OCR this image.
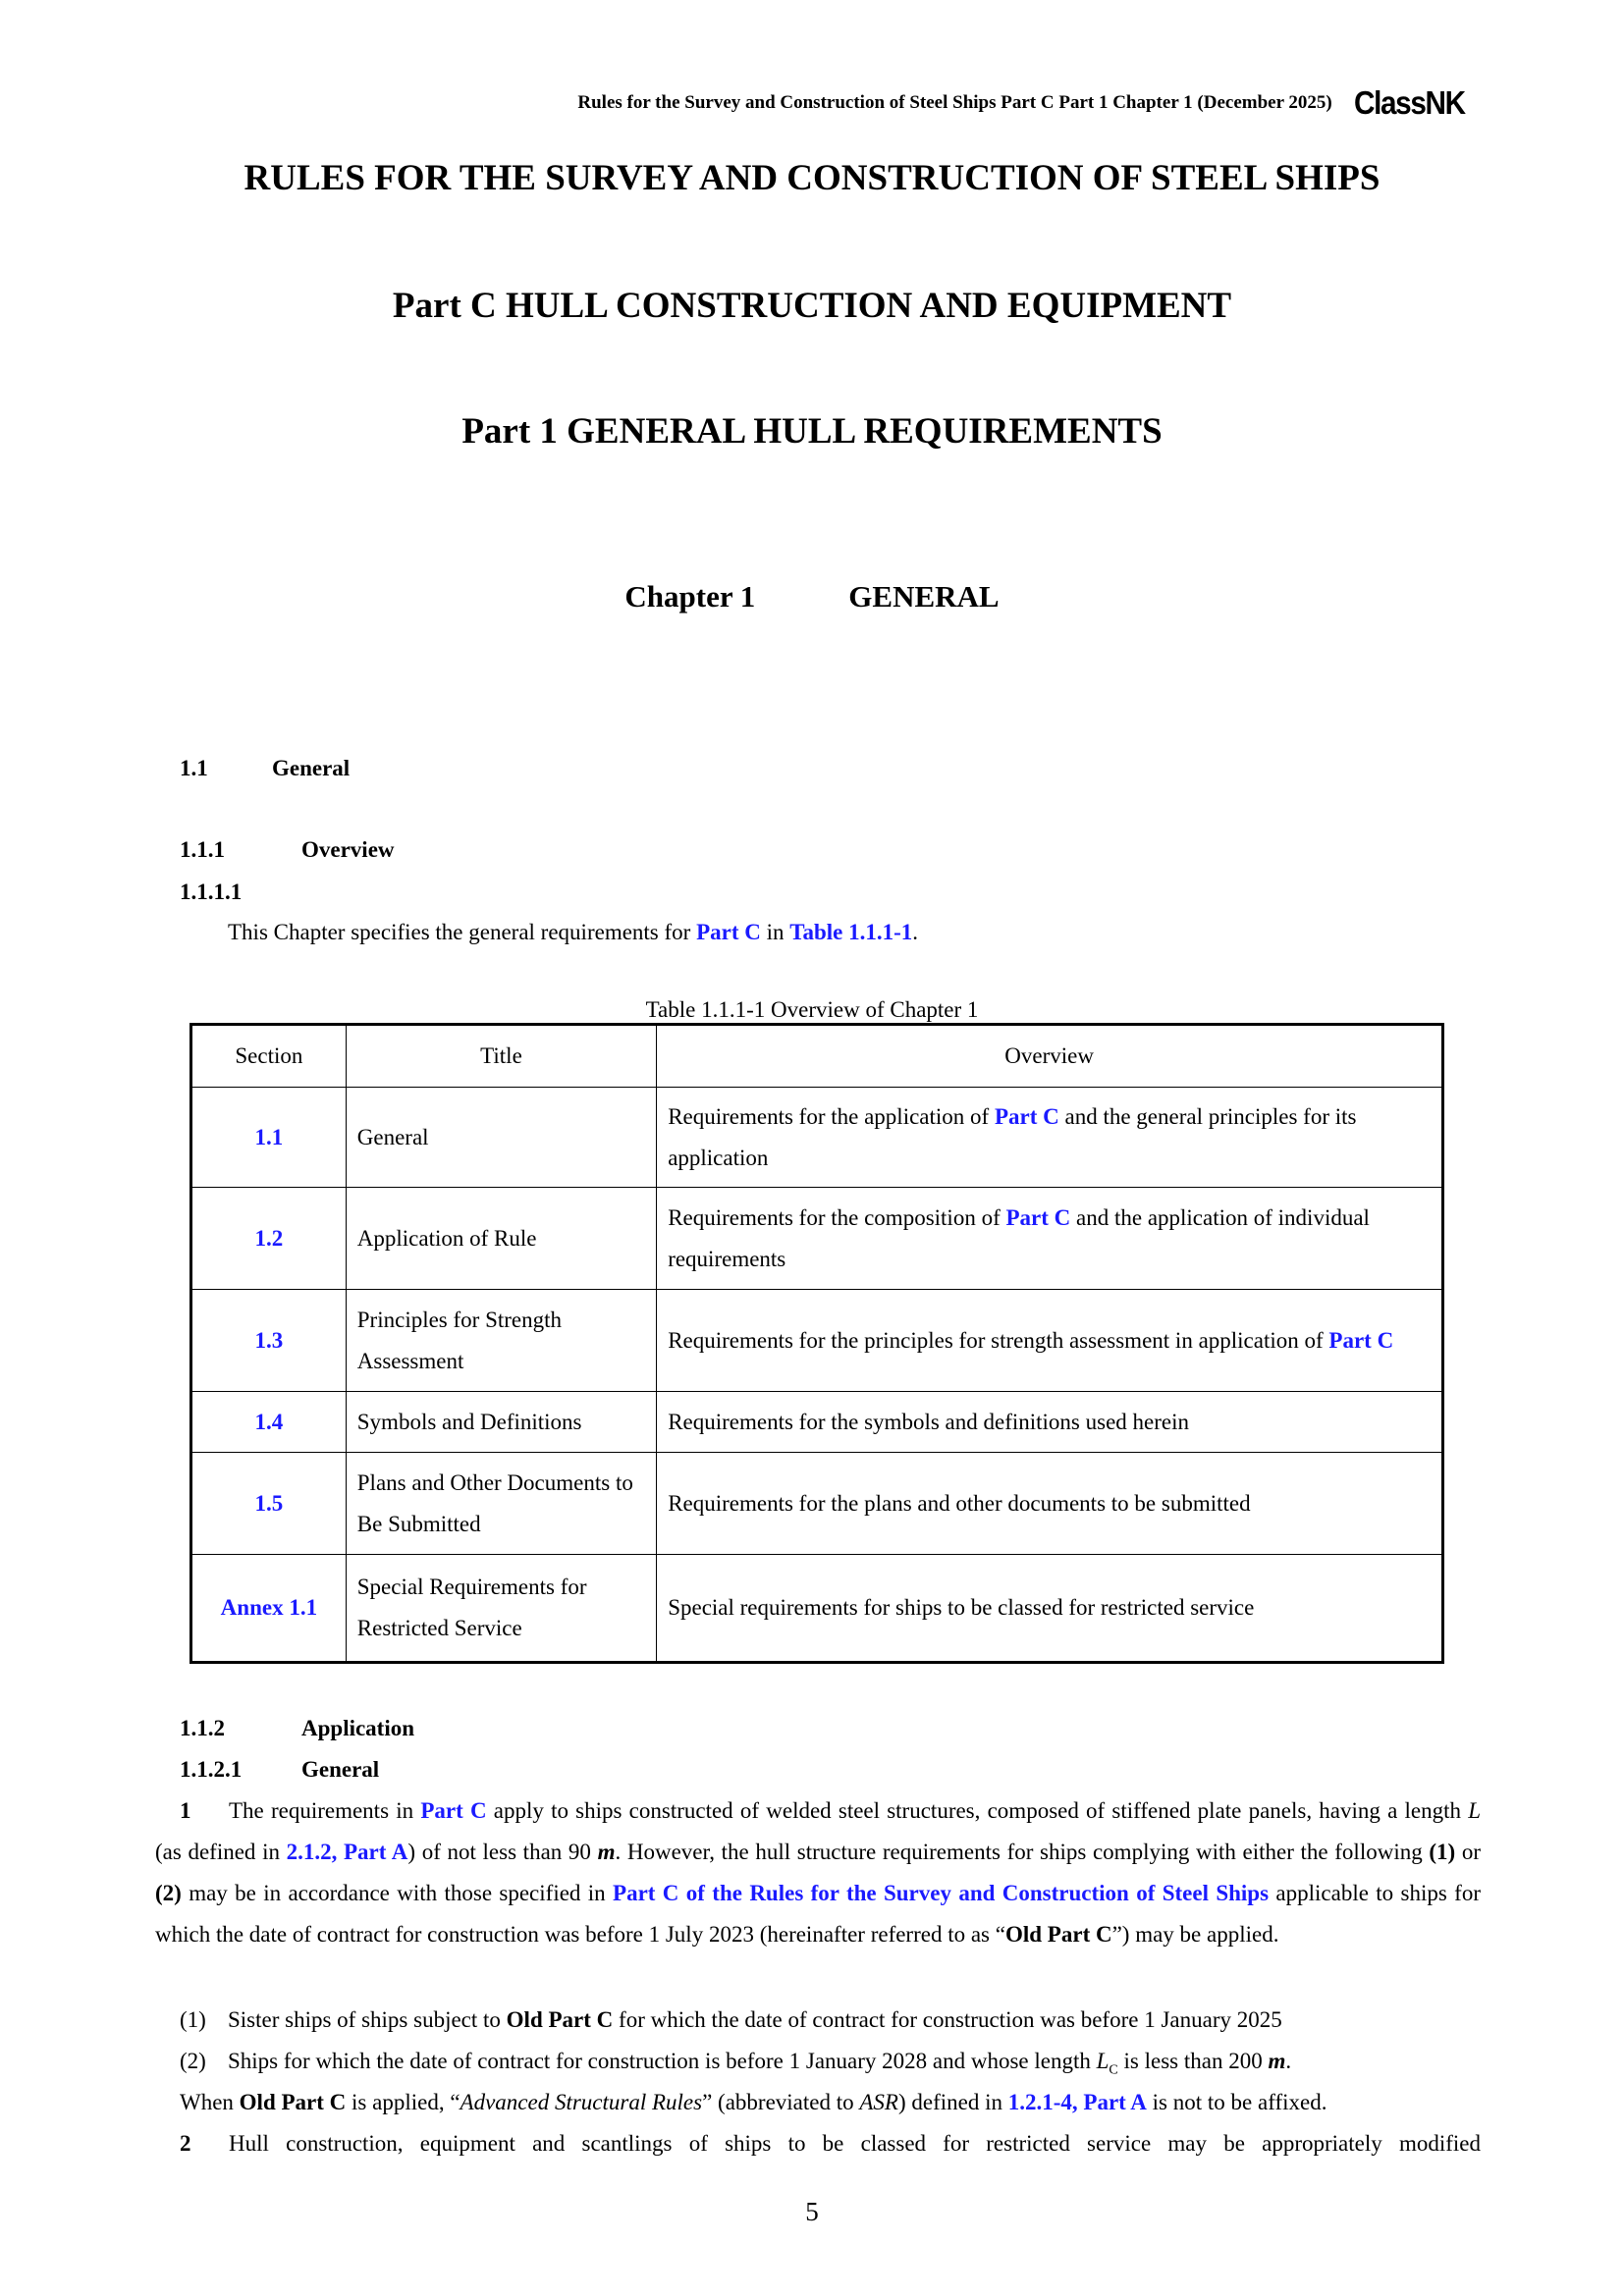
Rules for the Survey and Construction of Steel Ships Part C Part 1 Chapter 1 (December 2025) ClassNK
RULES FOR THE SURVEY AND CONSTRUCTION OF STEEL SHIPS
Part C HULL CONSTRUCTION AND EQUIPMENT
Part 1 GENERAL HULL REQUIREMENTS
Chapter 1	GENERAL
1.1	General
1.1.1	Overview
1.1.1.1
This Chapter specifies the general requirements for Part C in Table 1.1.1-1.
Table 1.1.1-1 Overview of Chapter 1
Section	Title	Overview
1.1	General	Requirements for the application of Part C and the general principles for its application
1.2	Application of Rule	Requirements for the composition of Part C and the application of individual requirements
1.3	Principles for Strength Assessment	Requirements for the principles for strength assessment in application of Part C
1.4	Symbols and Definitions	Requirements for the symbols and definitions used herein
1.5	Plans and Other Documents to Be Submitted	Requirements for the plans and other documents to be submitted
Annex 1.1	Special Requirements for Restricted Service	Special requirements for ships to be classed for restricted service
1.1.2	Application
1.1.2.1	General
1 The requirements in Part C apply to ships constructed of welded steel structures, composed of stiffened plate panels, having a length L (as defined in 2.1.2, Part A) of not less than 90 m. However, the hull structure requirements for ships complying with either the following (1) or (2) may be in accordance with those specified in Part C of the Rules for the Survey and Construction of Steel Ships applicable to ships for which the date of contract for construction was before 1 July 2023 (hereinafter referred to as “Old Part C”) may be applied.
(1) Sister ships of ships subject to Old Part C for which the date of contract for construction was before 1 January 2025
(2) Ships for which the date of contract for construction is before 1 January 2028 and whose length $L_C$ is less than 200 m.
When Old Part C is applied, “Advanced Structural Rules” (abbreviated to ASR) defined in 1.2.1-4, Part A is not to be affixed.
2 Hull construction, equipment and scantlings of ships to be classed for restricted service may be appropriately modified
5
